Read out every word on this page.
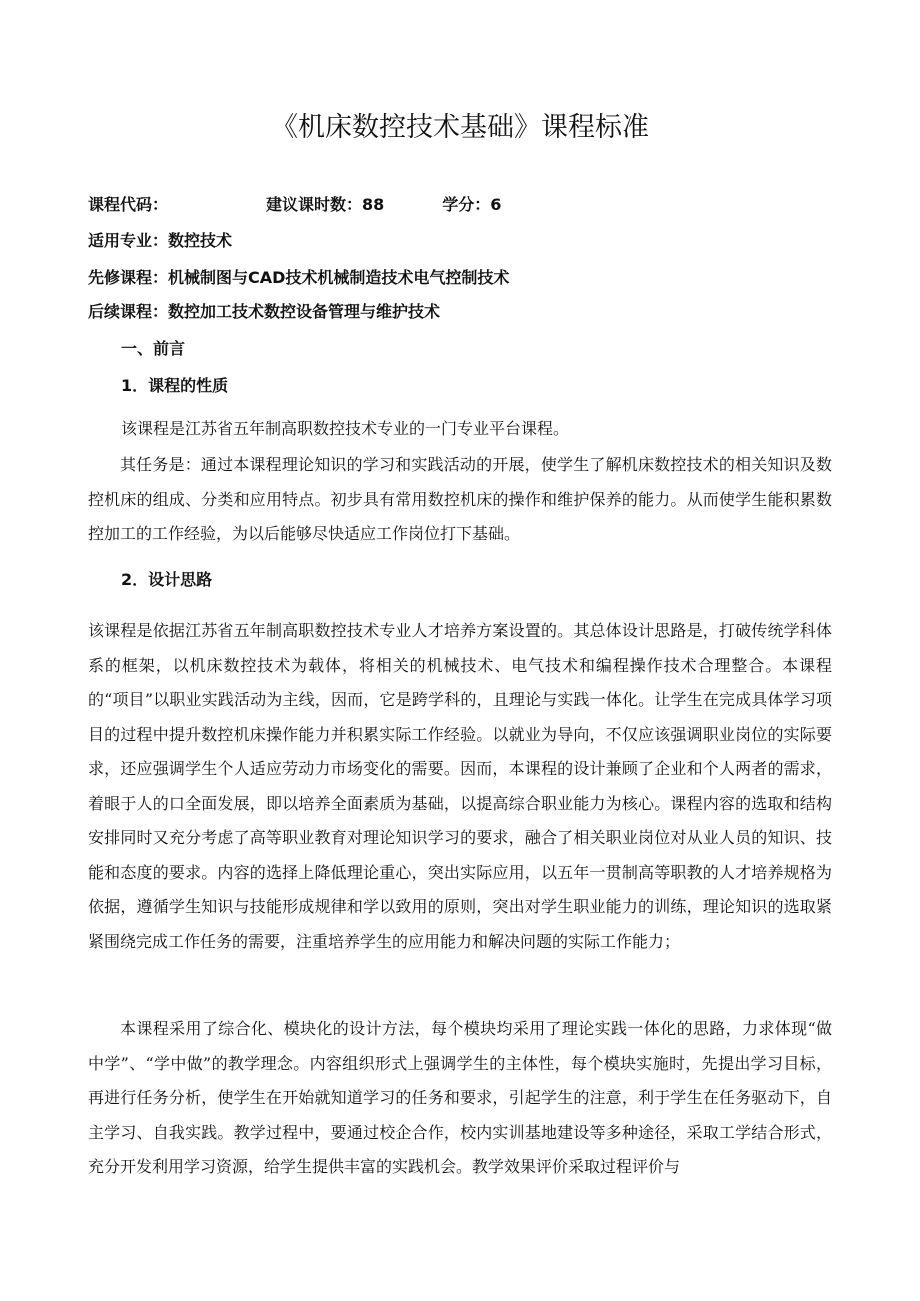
《机床数控技术基础》课程标准
课程代码：	建议课时数：88	学分：6
适用专业：数控技术
先修课程：机械制图与CAD技术机械制造技术电气控制技术
后续课程：数控加工技术数控设备管理与维护技术
一、前言
1．课程的性质
该课程是江苏省五年制高职数控技术专业的一门专业平台课程。
其任务是：通过本课程理论知识的学习和实践活动的开展，使学生了解机床数控技术的相关知识及数控机床的组成、分类和应用特点。初步具有常用数控机床的操作和维护保养的能力。从而使学生能积累数控加工的工作经验，为以后能够尽快适应工作岗位打下基础。
2．设计思路
该课程是依据江苏省五年制高职数控技术专业人才培养方案设置的。其总体设计思路是，打破传统学科体系的框架，以机床数控技术为载体，将相关的机械技术、电气技术和编程操作技术合理整合。本课程的“项目”以职业实践活动为主线，因而，它是跨学科的，且理论与实践一体化。让学生在完成具体学习项目的过程中提升数控机床操作能力并积累实际工作经验。以就业为导向，不仅应该强调职业岗位的实际要求，还应强调学生个人适应劳动力市场变化的需要。因而，本课程的设计兼顾了企业和个人两者的需求，着眼于人的口全面发展，即以培养全面素质为基础，以提高综合职业能力为核心。课程内容的选取和结构安排同时又充分考虑了高等职业教育对理论知识学习的要求，融合了相关职业岗位对从业人员的知识、技能和态度的要求。内容的选择上降低理论重心，突出实际应用，以五年一贯制高等职教的人才培养规格为依据，遵循学生知识与技能形成规律和学以致用的原则，突出对学生职业能力的训练，理论知识的选取紧紧围绕完成工作任务的需要，注重培养学生的应用能力和解决问题的实际工作能力；
本课程采用了综合化、模块化的设计方法，每个模块均采用了理论实践一体化的思路，力求体现“做中学”、“学中做”的教学理念。内容组织形式上强调学生的主体性，每个模块实施时，先提出学习目标，再进行任务分析，使学生在开始就知道学习的任务和要求，引起学生的注意，利于学生在任务驱动下，自主学习、自我实践。教学过程中，要通过校企合作，校内实训基地建设等多种途径，采取工学结合形式，充分开发利用学习资源，给学生提供丰富的实践机会。教学效果评价采取过程评价与
